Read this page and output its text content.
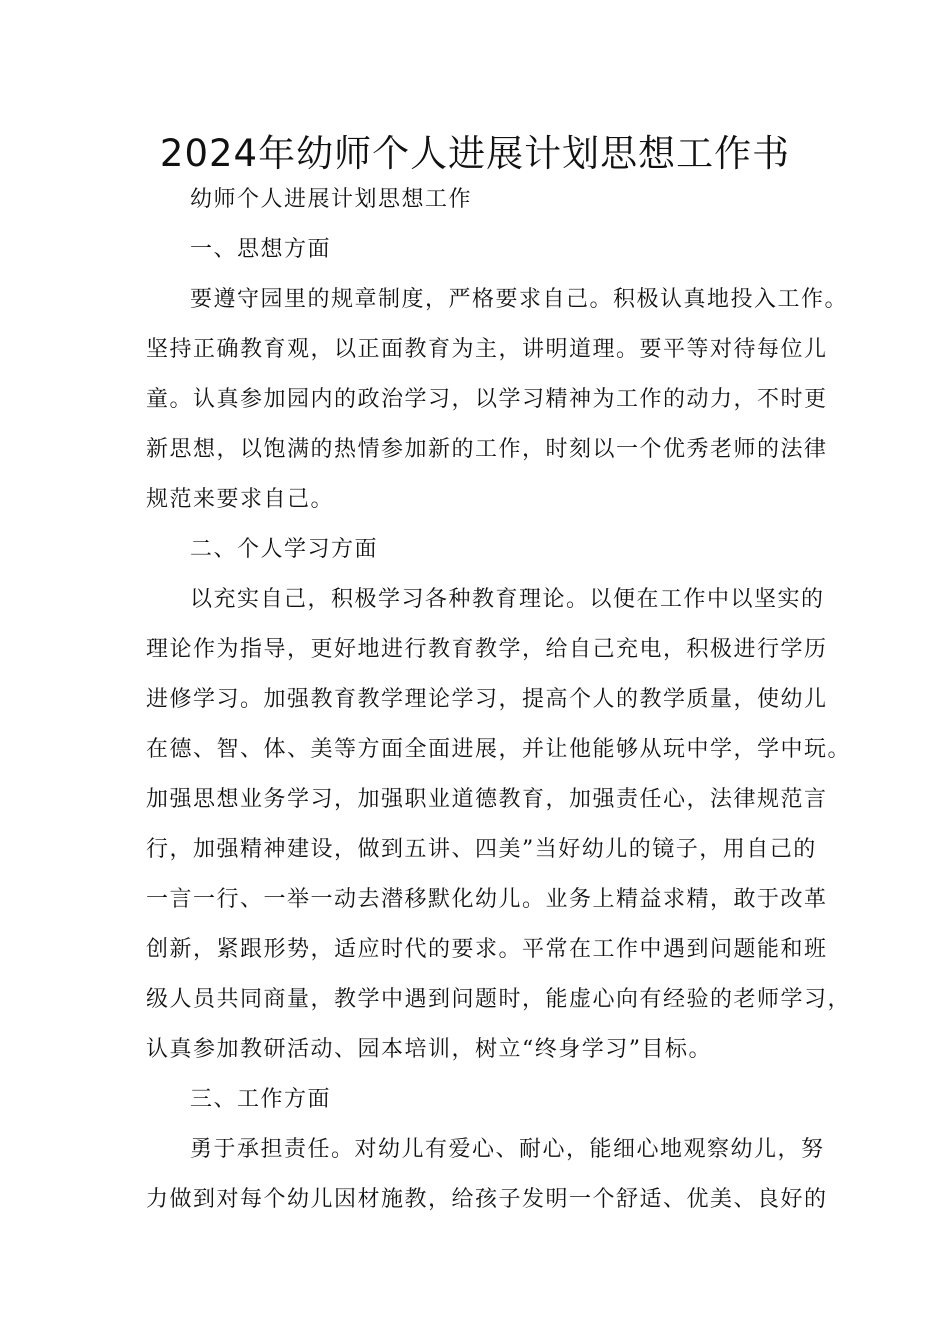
2024年幼师个人进展计划思想工作书
幼师个人进展计划思想工作
一、思想方面
要遵守园里的规章制度，严格要求自己。积极认真地投入工作。
坚持正确教育观，以正面教育为主，讲明道理。要平等对待每位儿
童。认真参加园内的政治学习，以学习精神为工作的动力，不时更
新思想，以饱满的热情参加新的工作，时刻以一个优秀老师的法律
规范来要求自己。
二、个人学习方面
以充实自己，积极学习各种教育理论。以便在工作中以坚实的
理论作为指导，更好地进行教育教学，给自己充电，积极进行学历
进修学习。加强教育教学理论学习，提高个人的教学质量，使幼儿
在德、智、体、美等方面全面进展，并让他能够从玩中学，学中玩。
加强思想业务学习，加强职业道德教育，加强责任心，法律规范言
行，加强精神建设，做到五讲、四美”当好幼儿的镜子，用自己的
一言一行、一举一动去潜移默化幼儿。业务上精益求精，敢于改革
创新，紧跟形势，适应时代的要求。平常在工作中遇到问题能和班
级人员共同商量，教学中遇到问题时，能虚心向有经验的老师学习，
认真参加教研活动、园本培训，树立“终身学习”目标。
三、工作方面
勇于承担责任。对幼儿有爱心、耐心，能细心地观察幼儿，努
力做到对每个幼儿因材施教，给孩子发明一个舒适、优美、良好的
